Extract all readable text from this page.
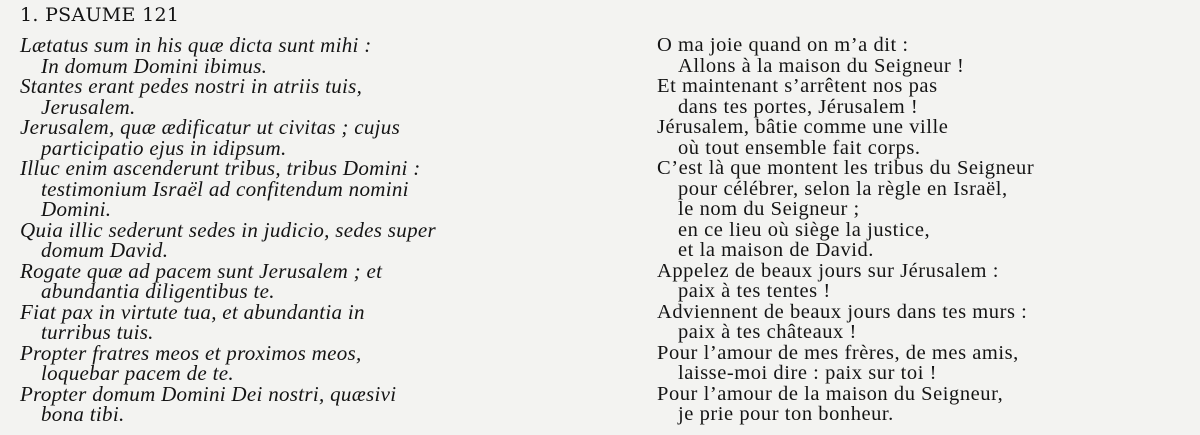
1. PSAUME 121
Lætatus sum in his quæ dicta sunt mihi :
In domum Domini ibimus.
Stantes erant pedes nostri in atriis tuis,
Jerusalem.
Jerusalem, quæ ædificatur ut civitas ; cujus
participatio ejus in idipsum.
Illuc enim ascenderunt tribus, tribus Domini :
testimonium Israël ad confitendum nomini
Domini.
Quia illic sederunt sedes in judicio, sedes super
domum David.
Rogate quæ ad pacem sunt Jerusalem ; et
abundantia diligentibus te.
Fiat pax in virtute tua, et abundantia in
turribus tuis.
Propter fratres meos et proximos meos,
loquebar pacem de te.
Propter domum Domini Dei nostri, quæsivi
bona tibi.
O ma joie quand on m’a dit :
Allons à la maison du Seigneur !
Et maintenant s’arrêtent nos pas
dans tes portes, Jérusalem !
Jérusalem, bâtie comme une ville
où tout ensemble fait corps.
C’est là que montent les tribus du Seigneur
pour célébrer, selon la règle en Israël,
le nom du Seigneur ;
en ce lieu où siège la justice,
et la maison de David.
Appelez de beaux jours sur Jérusalem :
paix à tes tentes !
Adviennent de beaux jours dans tes murs :
paix à tes châteaux !
Pour l’amour de mes frères, de mes amis,
laisse-moi dire : paix sur toi !
Pour l’amour de la maison du Seigneur,
je prie pour ton bonheur.
